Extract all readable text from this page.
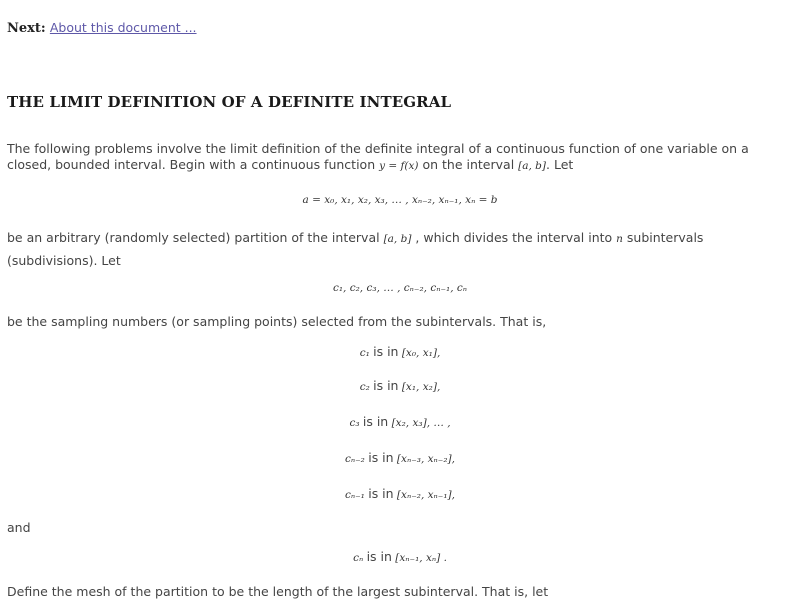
Next: About this document ...
THE LIMIT DEFINITION OF A DEFINITE INTEGRAL
The following problems involve the limit definition of the definite integral of a continuous function of one variable on a
closed, bounded interval. Begin with a continuous function y = f(x) on the interval [a, b]. Let
a = x₀, x₁, x₂, x₃, … , xₙ₋₂, xₙ₋₁, xₙ = b
be an arbitrary (randomly selected) partition of the interval [a, b] , which divides the interval into n subintervals
(subdivisions). Let
c₁, c₂, c₃, … , cₙ₋₂, cₙ₋₁, cₙ
be the sampling numbers (or sampling points) selected from the subintervals. That is,
c₁ is in [x₀, x₁],
c₂ is in [x₁, x₂],
c₃ is in [x₂, x₃], … ,
cₙ₋₂ is in [xₙ₋₃, xₙ₋₂],
cₙ₋₁ is in [xₙ₋₂, xₙ₋₁],
and
cₙ is in [xₙ₋₁, xₙ] .
Define the mesh of the partition to be the length of the largest subinterval. That is, let
